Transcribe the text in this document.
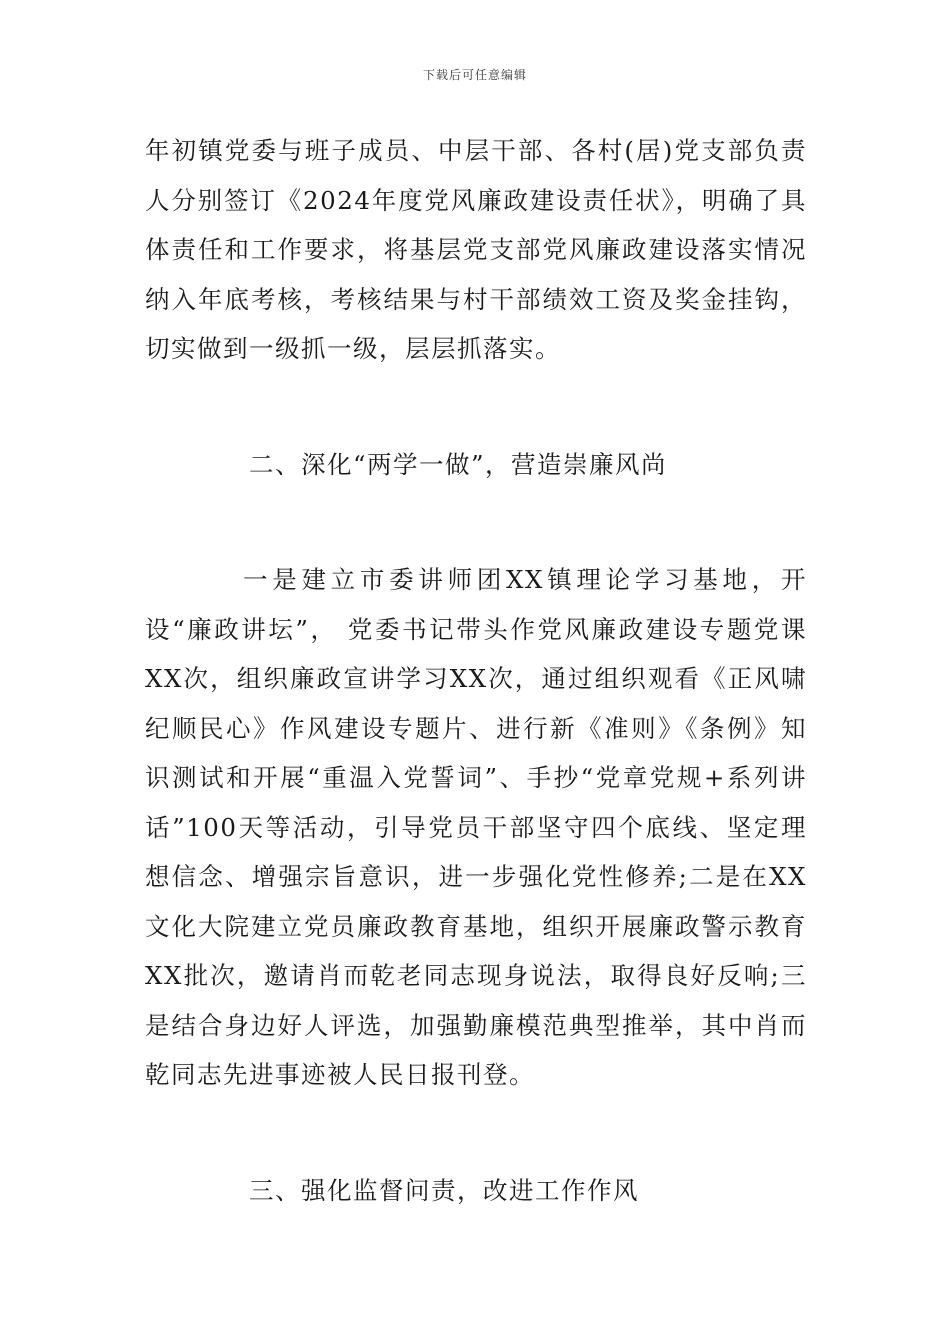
下载后可任意编辑

年初镇党委与班子成员、中层干部、各村(居)党支部负责人分别签订《2024年度党风廉政建设责任状》，明确了具体责任和工作要求，将基层党支部党风廉政建设落实情况纳入年底考核，考核结果与村干部绩效工资及奖金挂钩，切实做到一级抓一级，层层抓落实。

二、深化“两学一做”，营造崇廉风尚

一是建立市委讲师团XX镇理论学习基地，开设“廉政讲坛”， 党委书记带头作党风廉政建设专题党课XX次，组织廉政宣讲学习XX次，通过组织观看《正风啸纪顺民心》作风建设专题片、进行新《准则》《条例》知识测试和开展“重温入党誓词”、手抄“党章党规+系列讲话”100天等活动，引导党员干部坚守四个底线、坚定理想信念、增强宗旨意识，进一步强化党性修养;二是在XX文化大院建立党员廉政教育基地，组织开展廉政警示教育XX批次，邀请肖而乾老同志现身说法，取得良好反响;三是结合身边好人评选，加强勤廉模范典型推举，其中肖而乾同志先进事迹被人民日报刊登。

三、强化监督问责，改进工作作风
